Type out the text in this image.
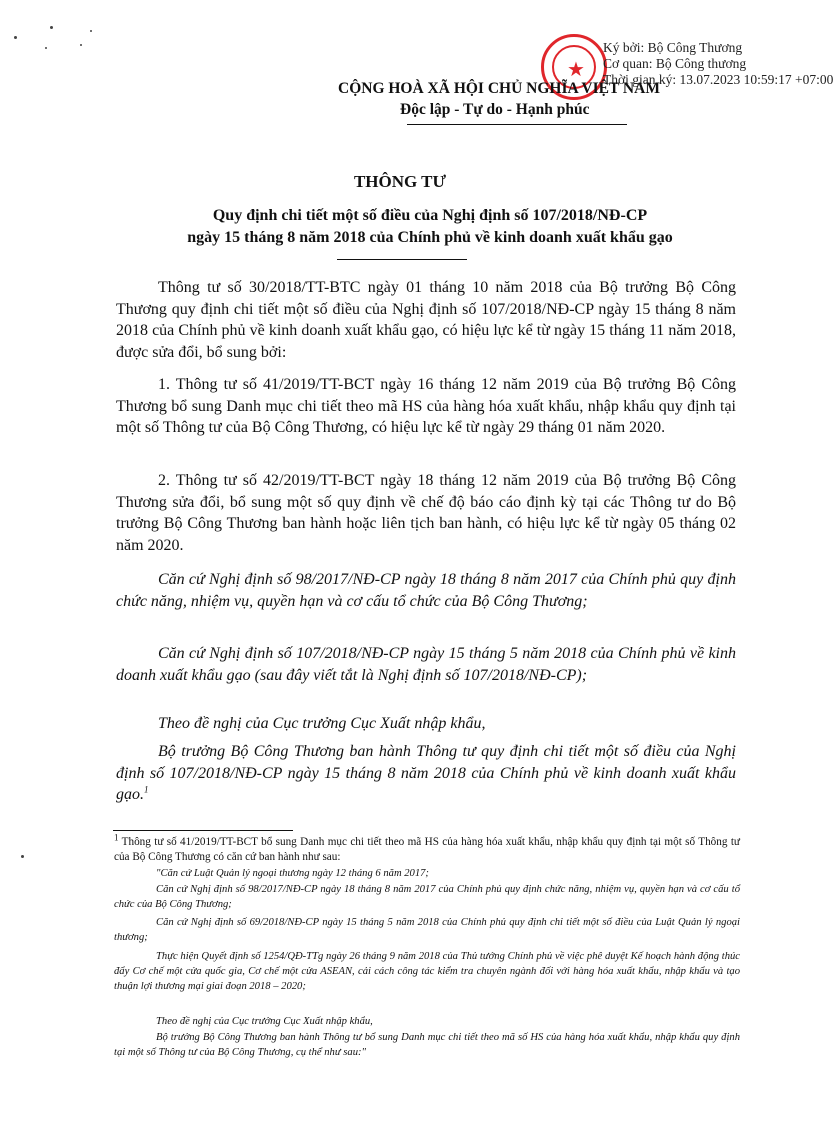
★
Ký bởi: Bộ Công Thương
Cơ quan: Bộ Công thương
Thời gian ký: 13.07.2023 10:59:17 +07:00
CỘNG HOÀ XÃ HỘI CHỦ NGHĨA VIỆT NAM
Độc lập - Tự do - Hạnh phúc
THÔNG TƯ
Quy định chi tiết một số điều của Nghị định số 107/2018/NĐ-CP
ngày 15 tháng 8 năm 2018 của Chính phủ về kinh doanh xuất khẩu gạo
Thông tư số 30/2018/TT-BTC ngày 01 tháng 10 năm 2018 của Bộ trưởng Bộ Công Thương quy định chi tiết một số điều của Nghị định số 107/2018/NĐ-CP ngày 15 tháng 8 năm 2018 của Chính phủ về kinh doanh xuất khẩu gạo, có hiệu lực kể từ ngày 15 tháng 11 năm 2018, được sửa đổi, bổ sung bởi:
1. Thông tư số 41/2019/TT-BCT ngày 16 tháng 12 năm 2019 của Bộ trưởng Bộ Công Thương bổ sung Danh mục chi tiết theo mã HS của hàng hóa xuất khẩu, nhập khẩu quy định tại một số Thông tư của Bộ Công Thương, có hiệu lực kể từ ngày 29 tháng 01 năm 2020.
2. Thông tư số 42/2019/TT-BCT ngày 18 tháng 12 năm 2019 của Bộ trưởng Bộ Công Thương sửa đổi, bổ sung một số quy định về chế độ báo cáo định kỳ tại các Thông tư do Bộ trưởng Bộ Công Thương ban hành hoặc liên tịch ban hành, có hiệu lực kể từ ngày 05 tháng 02 năm 2020.
Căn cứ Nghị định số 98/2017/NĐ-CP ngày 18 tháng 8 năm 2017 của Chính phủ quy định chức năng, nhiệm vụ, quyền hạn và cơ cấu tổ chức của Bộ Công Thương;
Căn cứ Nghị định số 107/2018/NĐ-CP ngày 15 tháng 5 năm 2018 của Chính phủ về kinh doanh xuất khẩu gạo (sau đây viết tắt là Nghị định số 107/2018/NĐ-CP);
Theo đề nghị của Cục trưởng Cục Xuất nhập khẩu,
Bộ trưởng Bộ Công Thương ban hành Thông tư quy định chi tiết một số điều của Nghị định số 107/2018/NĐ-CP ngày 15 tháng 8 năm 2018 của Chính phủ về kinh doanh xuất khẩu gạo.$^1$
$^1$ Thông tư số 41/2019/TT-BCT bổ sung Danh mục chi tiết theo mã HS của hàng hóa xuất khẩu, nhập khẩu quy định tại một số Thông tư của Bộ Công Thương có căn cứ ban hành như sau:
"Căn cứ Luật Quản lý ngoại thương ngày 12 tháng 6 năm 2017;
Căn cứ Nghị định số 98/2017/NĐ-CP ngày 18 tháng 8 năm 2017 của Chính phủ quy định chức năng, nhiệm vụ, quyền hạn và cơ cấu tổ chức của Bộ Công Thương;
Căn cứ Nghị định số 69/2018/NĐ-CP ngày 15 tháng 5 năm 2018 của Chính phủ quy định chi tiết một số điều của Luật Quản lý ngoại thương;
Thực hiện Quyết định số 1254/QĐ-TTg ngày 26 tháng 9 năm 2018 của Thủ tướng Chính phủ về việc phê duyệt Kế hoạch hành động thúc đẩy Cơ chế một cửa quốc gia, Cơ chế một cửa ASEAN, cải cách công tác kiểm tra chuyên ngành đối với hàng hóa xuất khẩu, nhập khẩu và tạo thuận lợi thương mại giai đoạn 2018 – 2020;
Theo đề nghị của Cục trưởng Cục Xuất nhập khẩu,
Bộ trưởng Bộ Công Thương ban hành Thông tư bổ sung Danh mục chi tiết theo mã số HS của hàng hóa xuất khẩu, nhập khẩu quy định tại một số Thông tư của Bộ Công Thương, cụ thể như sau:"
